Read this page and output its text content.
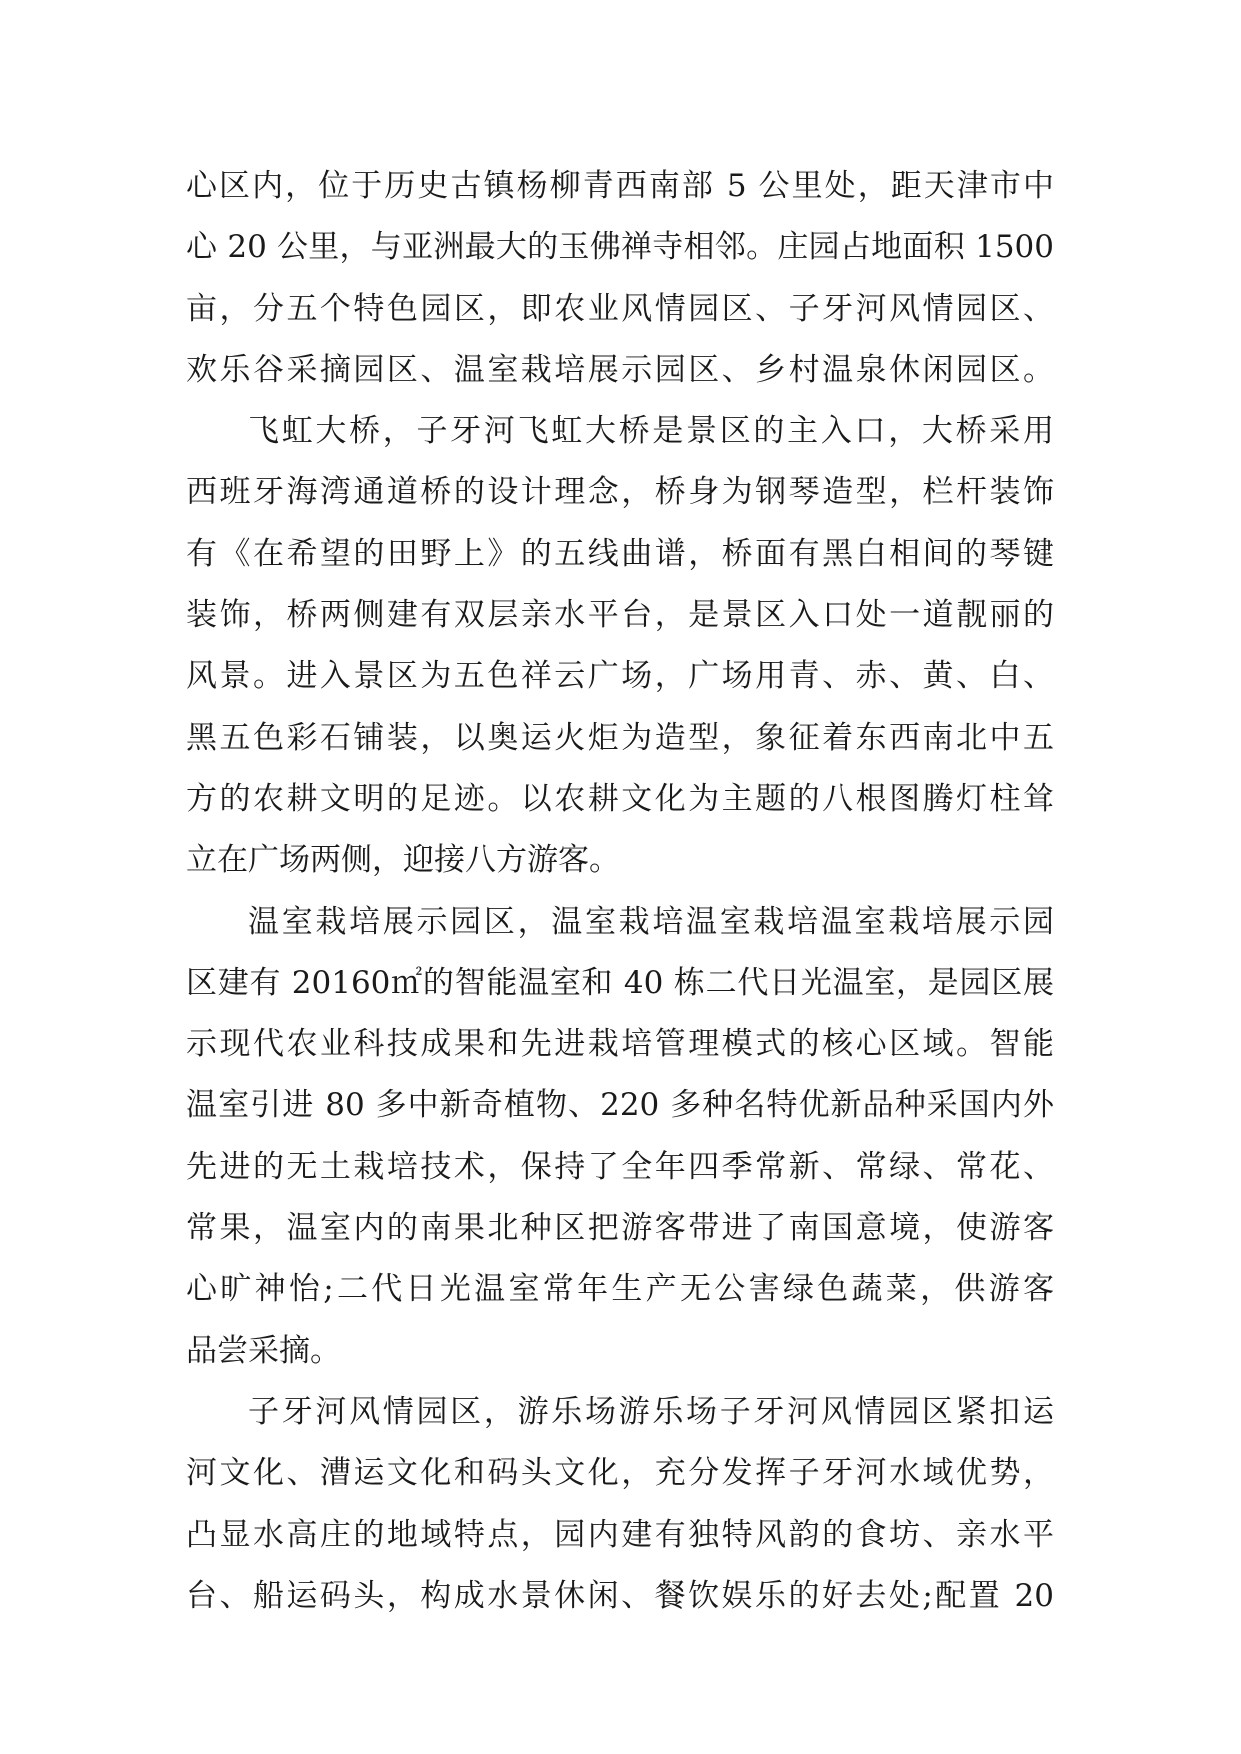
心区内，位于历史古镇杨柳青西南部 5 公里处，距天津市中
心 20 公里，与亚洲最大的玉佛禅寺相邻。庄园占地面积 1500
亩，分五个特色园区，即农业风情园区、子牙河风情园区、
欢乐谷采摘园区、温室栽培展示园区、乡村温泉休闲园区。
飞虹大桥，子牙河飞虹大桥是景区的主入口，大桥采用
西班牙海湾通道桥的设计理念，桥身为钢琴造型，栏杆装饰
有《在希望的田野上》的五线曲谱，桥面有黑白相间的琴键
装饰，桥两侧建有双层亲水平台，是景区入口处一道靓丽的
风景。进入景区为五色祥云广场，广场用青、赤、黄、白、
黑五色彩石铺装，以奥运火炬为造型，象征着东西南北中五
方的农耕文明的足迹。以农耕文化为主题的八根图腾灯柱耸
立在广场两侧，迎接八方游客。
温室栽培展示园区，温室栽培温室栽培温室栽培展示园
区建有 20160㎡的智能温室和 40 栋二代日光温室，是园区展
示现代农业科技成果和先进栽培管理模式的核心区域。智能
温室引进 80 多中新奇植物、220 多种名特优新品种采国内外
先进的无土栽培技术，保持了全年四季常新、常绿、常花、
常果，温室内的南果北种区把游客带进了南国意境，使游客
心旷神怡;二代日光温室常年生产无公害绿色蔬菜，供游客
品尝采摘。
子牙河风情园区，游乐场游乐场子牙河风情园区紧扣运
河文化、漕运文化和码头文化，充分发挥子牙河水域优势，
凸显水高庄的地域特点，园内建有独特风韵的食坊、亲水平
台、船运码头，构成水景休闲、餐饮娱乐的好去处;配置 20
